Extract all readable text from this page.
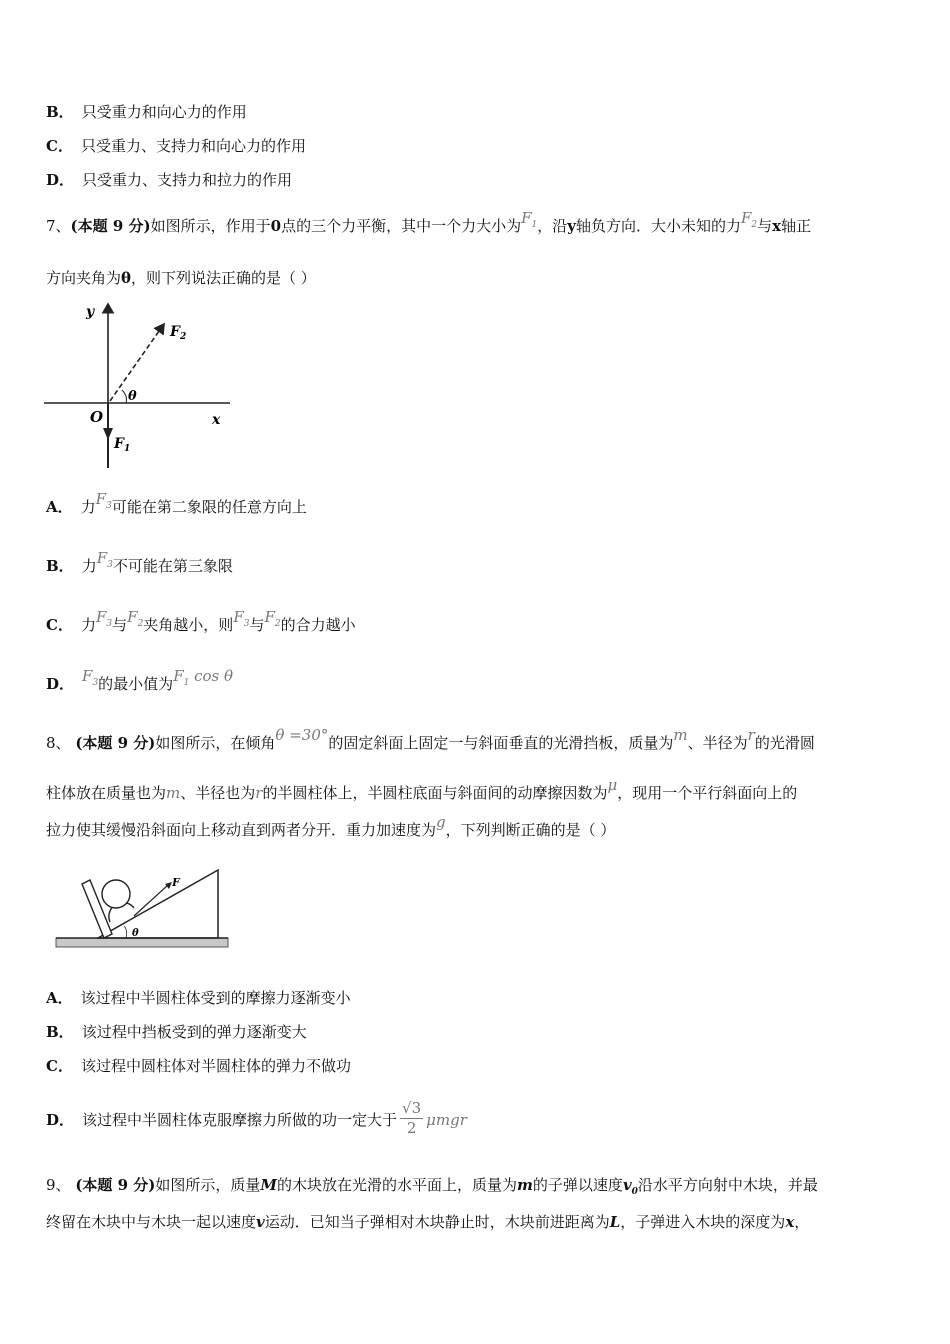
B． 只受重力和向心力的作用
C． 只受重力、支持力和向心力的作用
D． 只受重力、支持力和拉力的作用
7、(本题 9 分)如图所示，作用于0点的三个力平衡，其中一个力大小为$F_1$，沿y轴负方向．大小未知的力$F_2$与x轴正
方向夹角为θ，则下列说法正确的是（ ）
y
x
O
θ
$F_2$
$F_1$
A． 力$F_3$可能在第二象限的任意方向上
B． 力$F_3$不可能在第三象限
C． 力$F_3$与$F_2$夹角越小，则$F_3$与$F_2$的合力越小
D． $F_3$的最小值为$F_1$ cos θ
8、 (本题 9 分)如图所示，在倾角θ =30°的固定斜面上固定一与斜面垂直的光滑挡板，质量为m、半径为r的光滑圆
柱体放在质量也为m、半径也为r的半圆柱体上，半圆柱底面与斜面间的动摩擦因数为μ，现用一个平行斜面向上的
拉力使其缓慢沿斜面向上移动直到两者分开．重力加速度为g，下列判断正确的是（ ）
F
θ
A． 该过程中半圆柱体受到的摩擦力逐渐变小
B． 该过程中挡板受到的弹力逐渐变大
C． 该过程中圆柱体对半圆柱体的弹力不做功
D． 该过程中半圆柱体克服摩擦力所做的功一定大于 $\frac{√3}{2}$ μmgr
9、 (本题 9 分)如图所示，质量M的木块放在光滑的水平面上，质量为m的子弹以速度$v_0$沿水平方向射中木块，并最
终留在木块中与木块一起以速度v运动．已知当子弹相对木块静止时，木块前进距离为L，子弹进入木块的深度为x，
